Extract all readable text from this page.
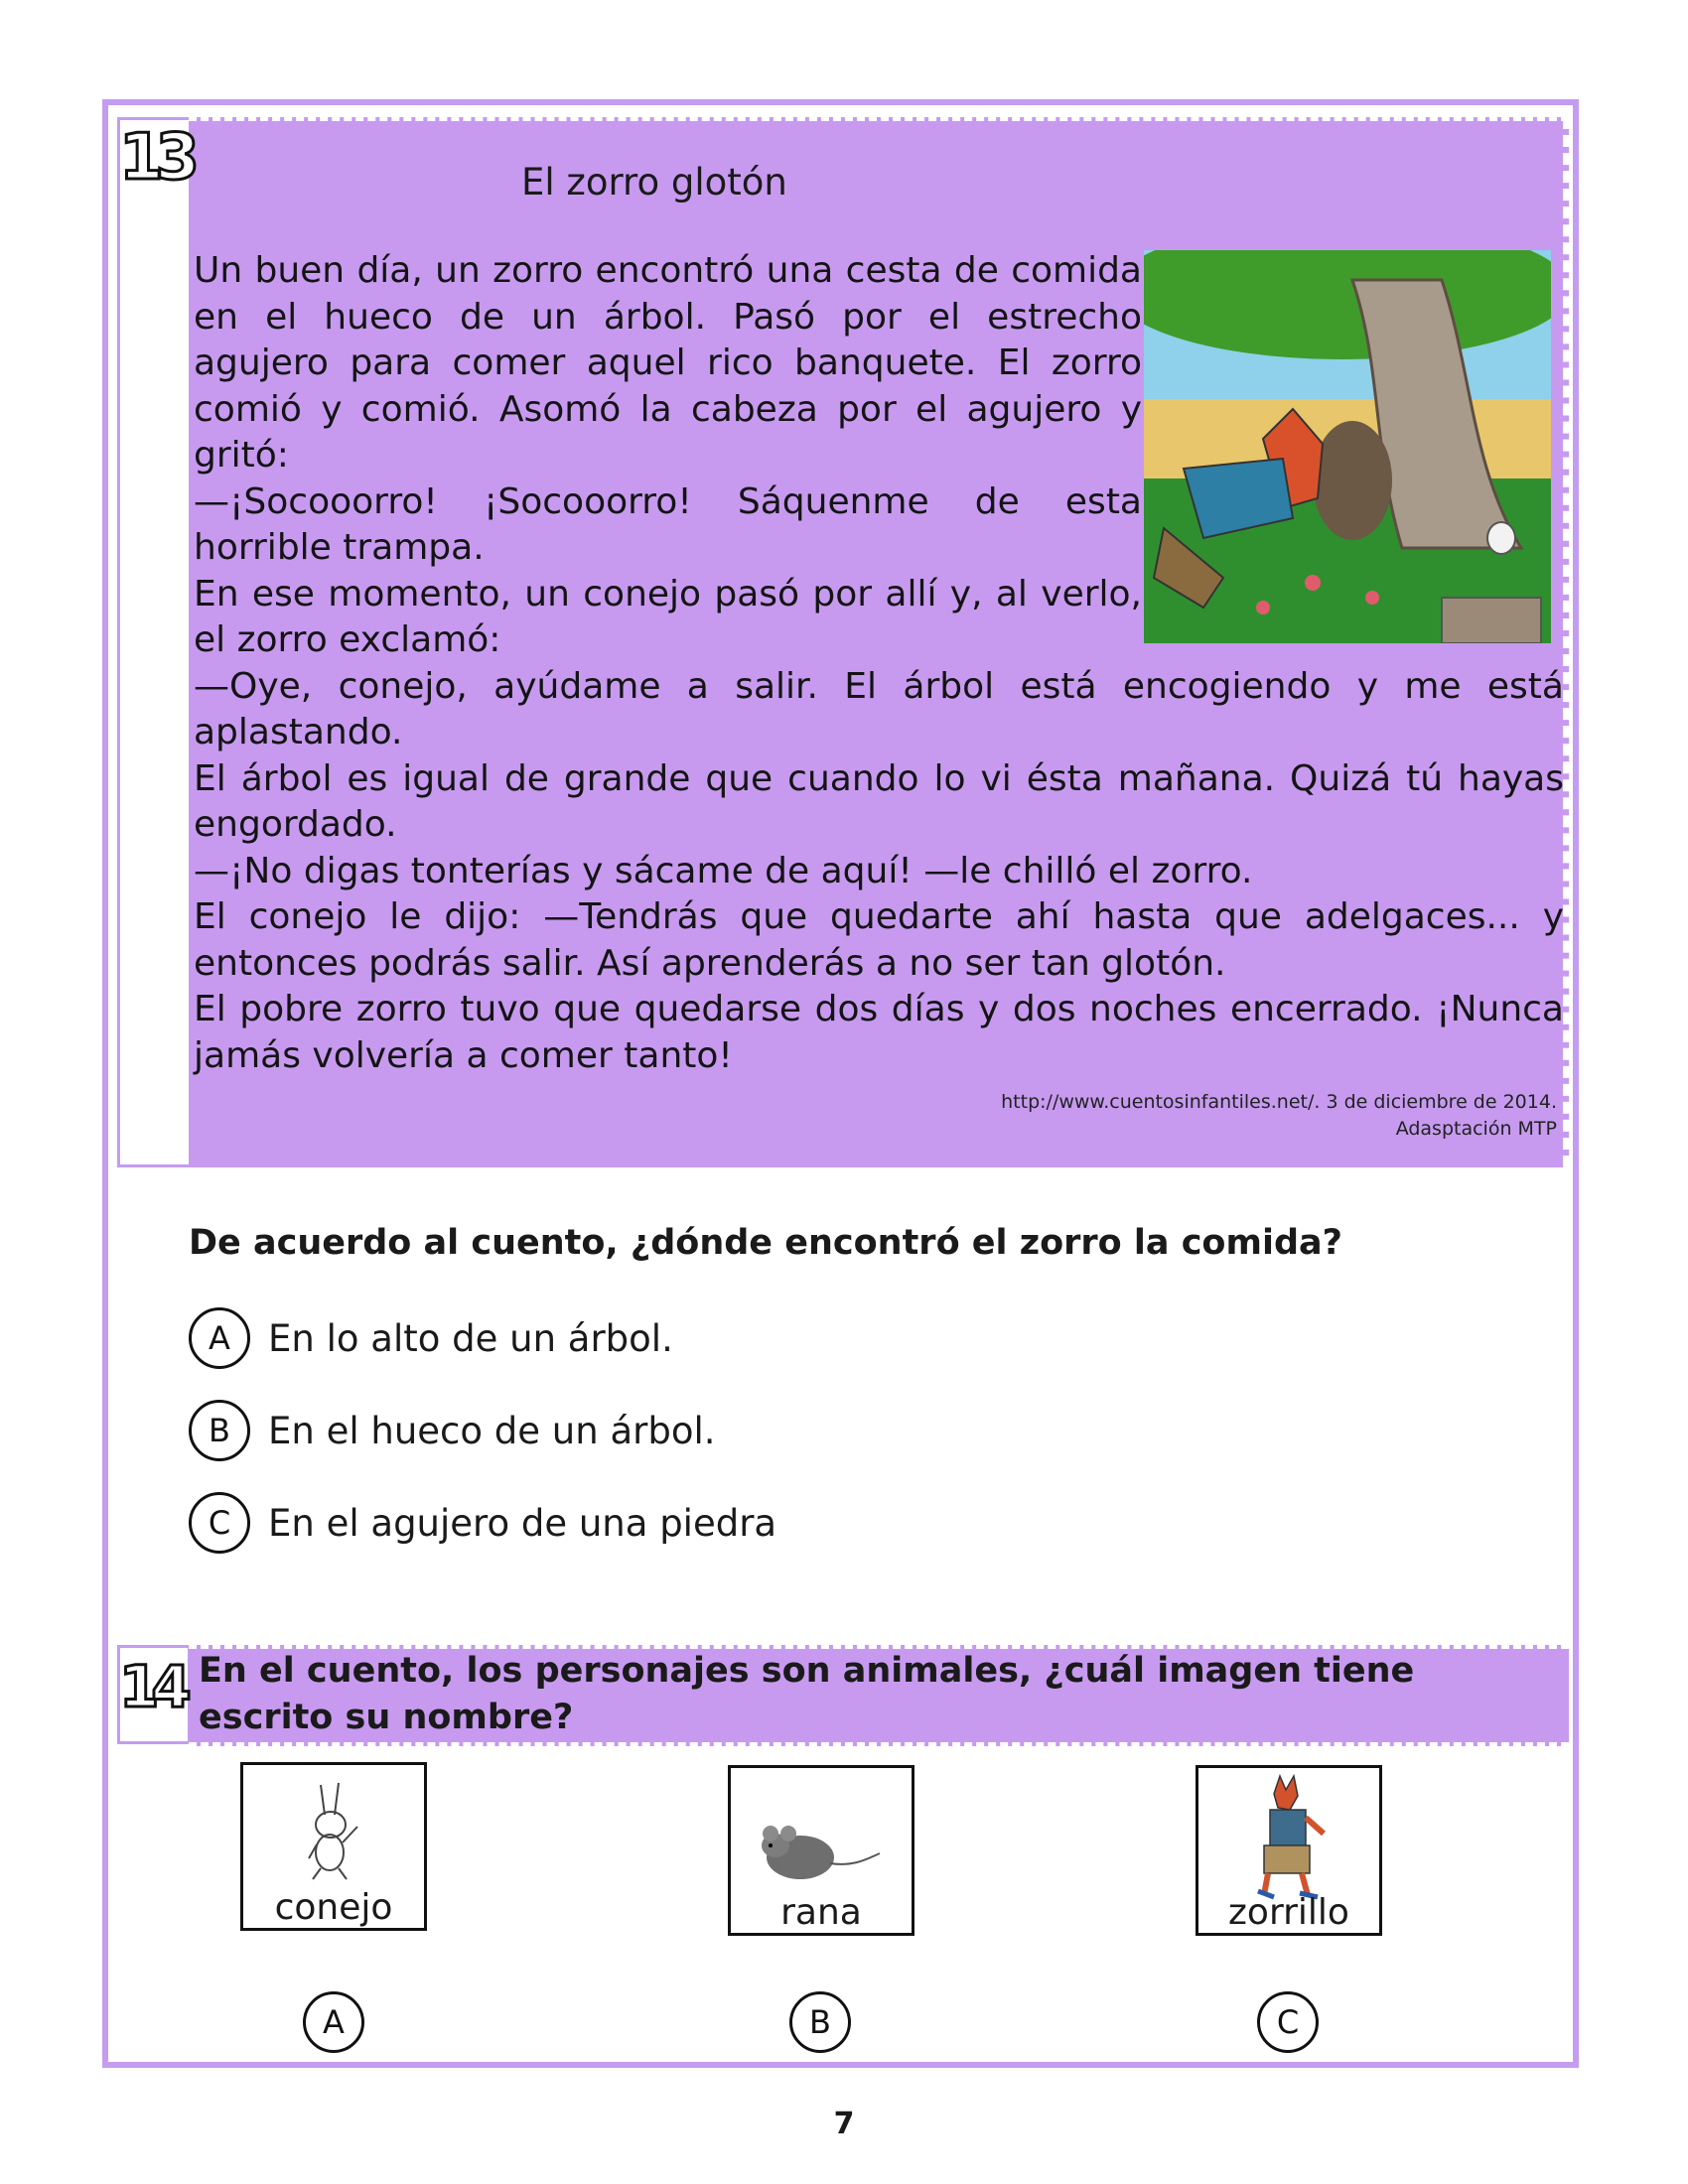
13	El zorro glotón

Un buen día, un zorro encontró una cesta de comida en el hueco de un árbol. Pasó por el estrecho agujero para comer aquel rico banquete. El zorro comió y comió. Asomó la cabeza por el agujero y gritó:

—¡Socooorro! ¡Socooorro! Sáquenme de esta horrible trampa.

En ese momento, un conejo pasó por allí y, al verlo, el zorro exclamó:

—Oye, conejo, ayúdame a salir. El árbol está encogiendo y me está aplastando.

El árbol es igual de grande que cuando lo vi ésta mañana. Quizá tú hayas engordado.

—¡No digas tonterías y sácame de aquí! —le chilló el zorro.

El conejo le dijo: —Tendrás que quedarte ahí hasta que adelgaces... y entonces podrás salir. Así aprenderás a no ser tan glotón.

El pobre zorro tuvo que quedarse dos días y dos noches encerrado. ¡Nunca jamás volvería a comer tanto!

http://www.cuentosinfantiles.net/. 3 de diciembre de 2014.
Adasptación MTP
De acuerdo al cuento, ¿dónde encontró el zorro la comida?
A	En lo alto de un árbol.
B	En el hueco de un árbol.
C	En el agujero de una piedra
14 En el cuento, los personajes son animales, ¿cuál imagen tiene escrito su nombre?
conejo
A
rana
B
zorrillo
C
7
